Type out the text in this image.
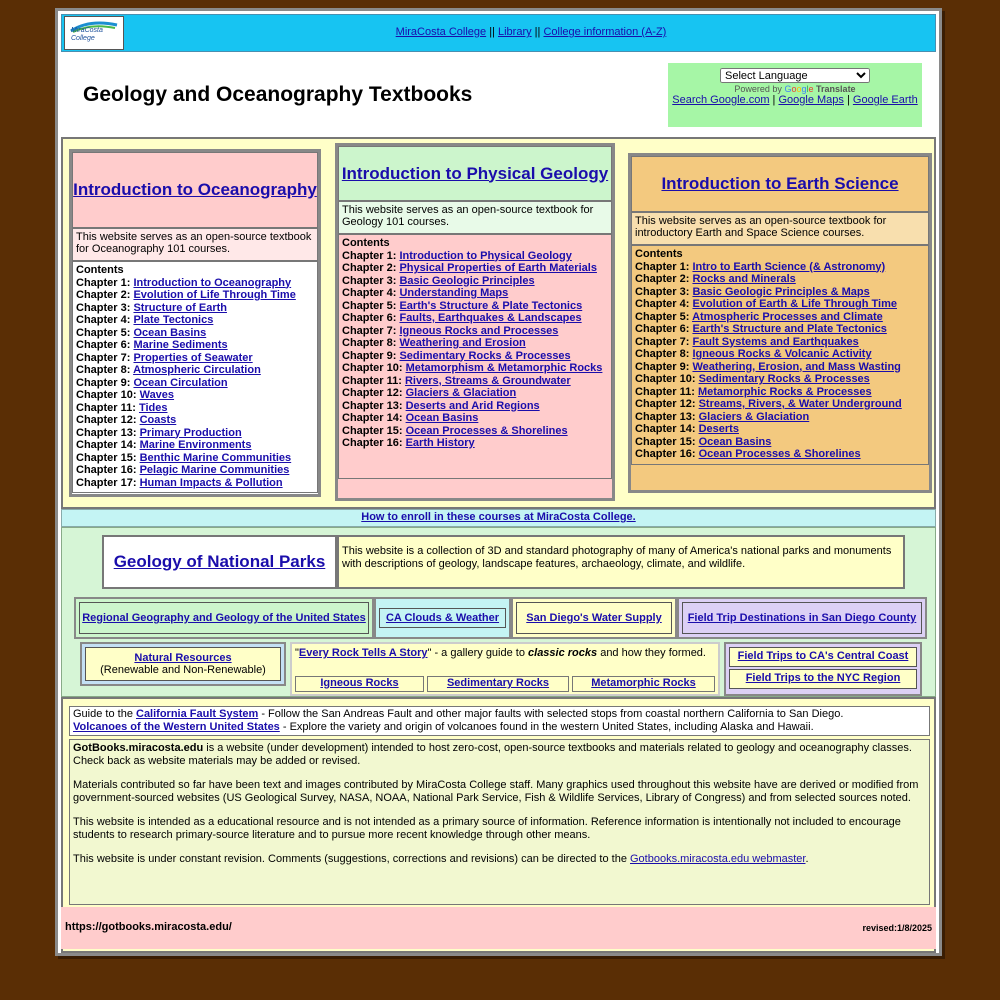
MiraCosta College
MiraCosta College || Library || College information (A-Z)
Geology and Oceanography Textbooks
Select Language	Powered by Google Translate
Search Google.com | Google Maps | Google Earth
Introduction to Oceanography
This website serves as an open-source textbook for Oceanography 101 courses.
Contents
Chapter 1: Introduction to Oceanography
Chapter 2: Evolution of Life Through Time
Chapter 3: Structure of Earth
Chapter 4: Plate Tectonics
Chapter 5: Ocean Basins
Chapter 6: Marine Sediments
Chapter 7: Properties of Seawater
Chapter 8: Atmospheric Circulation
Chapter 9: Ocean Circulation
Chapter 10: Waves
Chapter 11: Tides
Chapter 12: Coasts
Chapter 13: Primary Production
Chapter 14: Marine Environments
Chapter 15: Benthic Marine Communities
Chapter 16: Pelagic Marine Communities
Chapter 17: Human Impacts & Pollution
Introduction to Physical Geology
This website serves as an open-source textbook for Geology 101 courses.
Contents
Chapter 1: Introduction to Physical Geology
Chapter 2: Physical Properties of Earth Materials
Chapter 3: Basic Geologic Principles
Chapter 4: Understanding Maps
Chapter 5: Earth's Structure & Plate Tectonics
Chapter 6: Faults, Earthquakes & Landscapes
Chapter 7: Igneous Rocks and Processes
Chapter 8: Weathering and Erosion
Chapter 9: Sedimentary Rocks & Processes
Chapter 10: Metamorphism & Metamorphic Rocks
Chapter 11: Rivers, Streams & Groundwater
Chapter 12: Glaciers & Glaciation
Chapter 13: Deserts and Arid Regions
Chapter 14: Ocean Basins
Chapter 15: Ocean Processes & Shorelines
Chapter 16: Earth History
Introduction to Earth Science
This website serves as an open-source textbook for introductory Earth and Space Science courses.
Contents
Chapter 1: Intro to Earth Science (& Astronomy)
Chapter 2: Rocks and Minerals
Chapter 3: Basic Geologic Principles & Maps
Chapter 4: Evolution of Earth & Life Through Time
Chapter 5: Atmospheric Processes and Climate
Chapter 6: Earth's Structure and Plate Tectonics
Chapter 7: Fault Systems and Earthquakes
Chapter 8: Igneous Rocks & Volcanic Activity
Chapter 9: Weathering, Erosion, and Mass Wasting
Chapter 10: Sedimentary Rocks & Processes
Chapter 11: Metamorphic Rocks & Processes
Chapter 12: Streams, Rivers, & Water Underground
Chapter 13: Glaciers & Glaciation
Chapter 14: Deserts
Chapter 15: Ocean Basins
Chapter 16: Ocean Processes & Shorelines
How to enroll in these courses at MiraCosta College.
Geology of National Parks
This website is a collection of 3D and standard photography of many of America's national parks and monuments with descriptions of geology, landscape features, archaeology, climate, and wildlife.
Regional Geography and Geology of the United States CA Clouds & Weather San Diego's Water Supply Field Trip Destinations in San Diego County
Natural Resources
(Renewable and Non-Renewable)
"Every Rock Tells A Story" - a gallery guide to classic rocks and how they formed.
Igneous Rocks	Sedimentary Rocks	Metamorphic Rocks
Field Trips to CA's Central Coast
Field Trips to the NYC Region
Guide to the California Fault System - Follow the San Andreas Fault and other major faults with selected stops from coastal northern California to San Diego.
Volcanoes of the Western United States - Explore the variety and origin of volcanoes found in the western United States, including Alaska and Hawaii.

GotBooks.miracosta.edu is a website (under development) intended to host zero-cost, open-source textbooks and materials related to geology and oceanography classes.
Check back as website materials may be added or revised.

Materials contributed so far have been text and images contributed by MiraCosta College staff. Many graphics used throughout this website have are derived or modified from government-sourced websites (US Geological Survey, NASA, NOAA, National Park Service, Fish & Wildlife Services, Library of Congress) and from selected sources noted.

This website is intended as a educational resource and is not intended as a primary source of information. Reference information is intentionally not included to encourage students to research primary-source literature and to pursue more recent knowledge through other means.

This website is under constant revision. Comments (suggestions, corrections and revisions) can be directed to the Gotbooks.miracosta.edu webmaster.

https://gotbooks.miracosta.edu/	revised:1/8/2025
